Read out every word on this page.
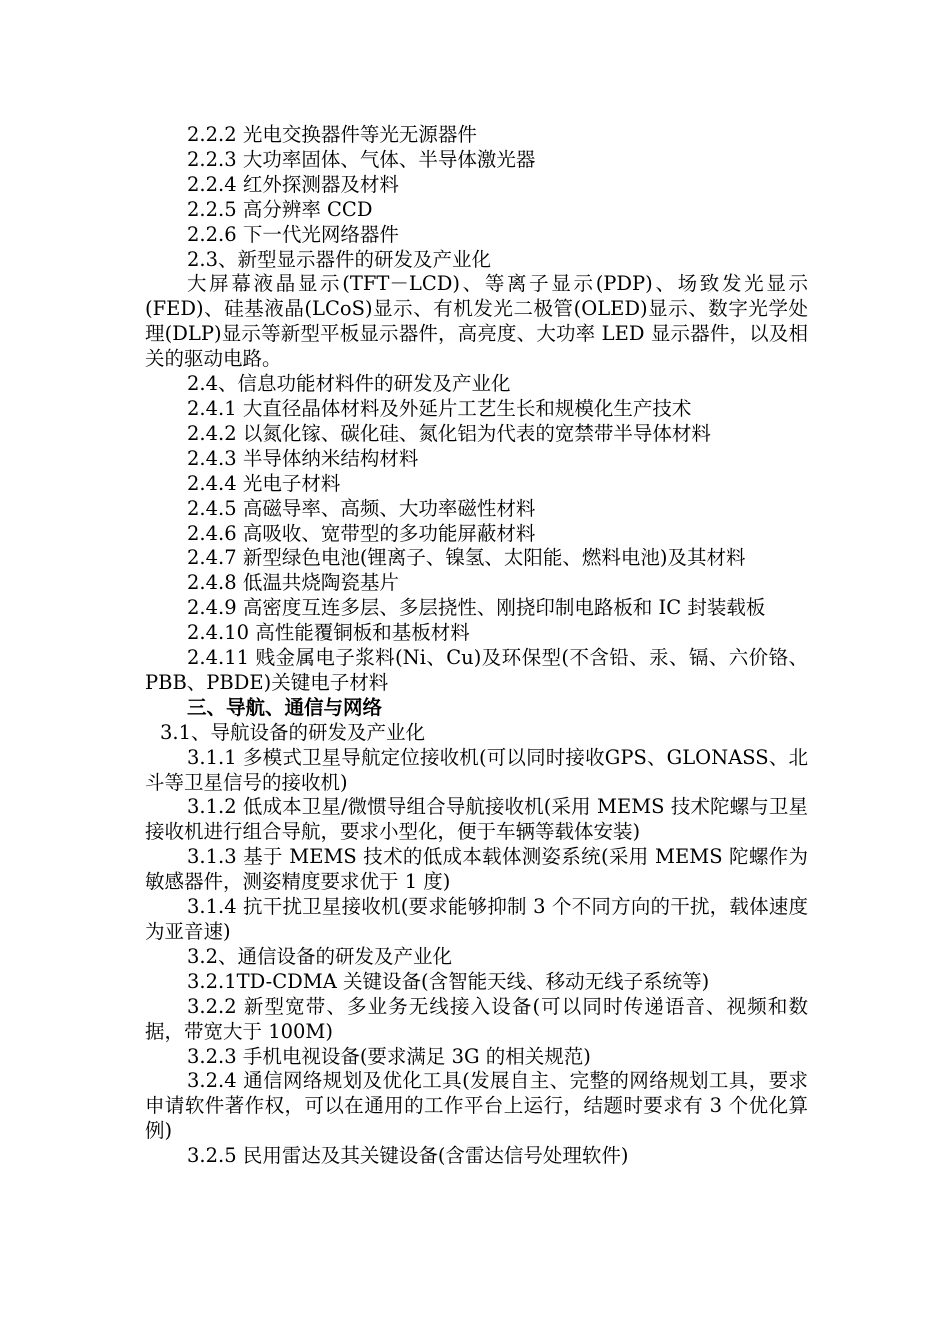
2.2.2 光电交换器件等光无源器件

2.2.3 大功率固体、气体、半导体激光器

2.2.4 红外探测器及材料

2.2.5 高分辨率 CCD

2.2.6 下一代光网络器件

2.3、新型显示器件的研发及产业化

大屏幕液晶显示(TFT－LCD)、等离子显示(PDP)、场致发光显示(FED)、硅基液晶(LCoS)显示、有机发光二极管(OLED)显示、数字光学处理(DLP)显示等新型平板显示器件，高亮度、大功率 LED 显示器件，以及相关的驱动电路。

2.4、信息功能材料件的研发及产业化

2.4.1 大直径晶体材料及外延片工艺生长和规模化生产技术

2.4.2 以氮化镓、碳化硅、氮化铝为代表的宽禁带半导体材料

2.4.3 半导体纳米结构材料

2.4.4 光电子材料

2.4.5 高磁导率、高频、大功率磁性材料

2.4.6 高吸收、宽带型的多功能屏蔽材料

2.4.7 新型绿色电池(锂离子、镍氢、太阳能、燃料电池)及其材料

2.4.8 低温共烧陶瓷基片

2.4.9 高密度互连多层、多层挠性、刚挠印制电路板和 IC 封装载板

2.4.10 高性能覆铜板和基板材料

2.4.11 贱金属电子浆料(Ni、Cu)及环保型(不含铅、汞、镉、六价铬、PBB、PBDE)关键电子材料

三、导航、通信与网络

3.1、导航设备的研发及产业化

3.1.1 多模式卫星导航定位接收机(可以同时接收GPS、GLONASS、北斗等卫星信号的接收机)

3.1.2 低成本卫星/微惯导组合导航接收机(采用 MEMS 技术陀螺与卫星接收机进行组合导航，要求小型化，便于车辆等载体安装)

3.1.3 基于 MEMS 技术的低成本载体测姿系统(采用 MEMS 陀螺作为敏感器件，测姿精度要求优于 1 度)

3.1.4 抗干扰卫星接收机(要求能够抑制 3 个不同方向的干扰，载体速度为亚音速)

3.2、通信设备的研发及产业化

3.2.1TD-CDMA 关键设备(含智能天线、移动无线子系统等)

3.2.2 新型宽带、多业务无线接入设备(可以同时传递语音、视频和数据，带宽大于 100M)

3.2.3 手机电视设备(要求满足 3G 的相关规范)

3.2.4 通信网络规划及优化工具(发展自主、完整的网络规划工具，要求申请软件著作权，可以在通用的工作平台上运行，结题时要求有 3 个优化算例)

3.2.5 民用雷达及其关键设备(含雷达信号处理软件)
